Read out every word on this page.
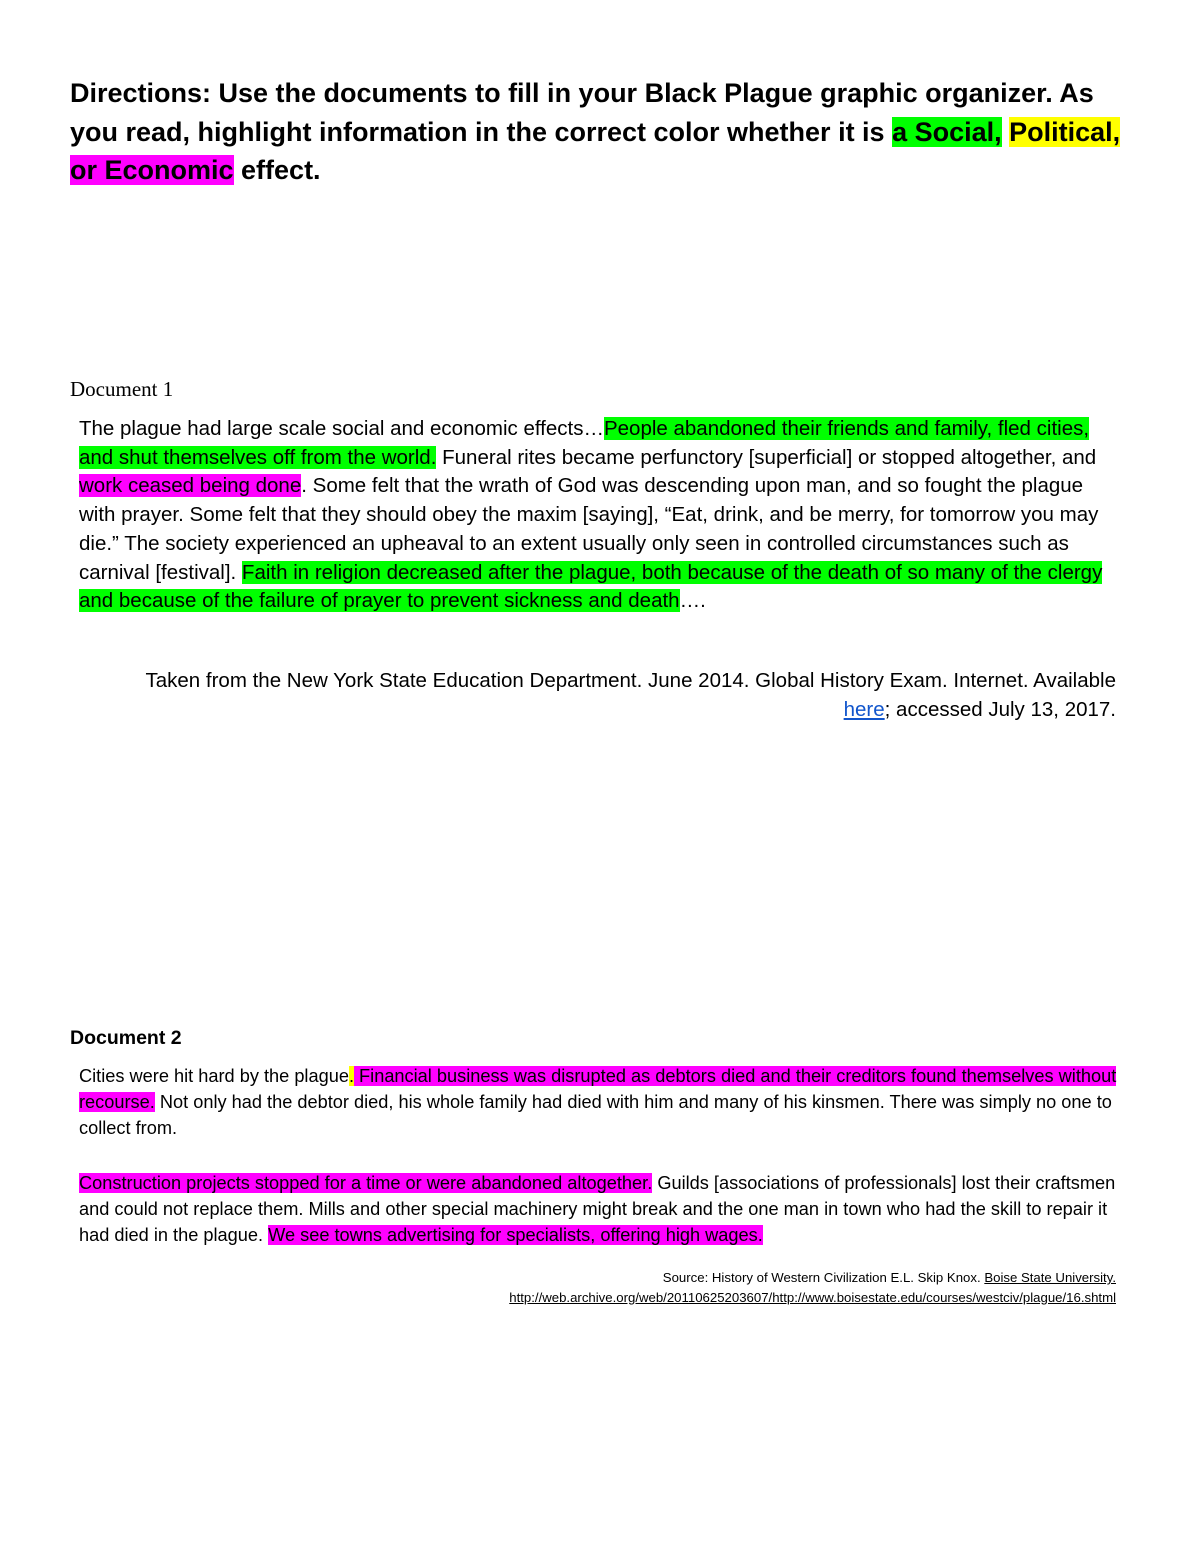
Directions: Use the documents to fill in your Black Plague graphic organizer. As you read, highlight information in the correct color whether it is a Social, Political, or Economic effect.
Document 1
The plague had large scale social and economic effects…People abandoned their friends and family, fled cities, and shut themselves off from the world. Funeral rites became perfunctory [superficial] or stopped altogether, and work ceased being done. Some felt that the wrath of God was descending upon man, and so fought the plague with prayer. Some felt that they should obey the maxim [saying], “Eat, drink, and be merry, for tomorrow you may die.” The society experienced an upheaval to an extent usually only seen in controlled circumstances such as carnival [festival]. Faith in religion decreased after the plague, both because of the death of so many of the clergy and because of the failure of prayer to prevent sickness and death….
Taken from the New York State Education Department. June 2014. Global History Exam. Internet. Available
here; accessed July 13, 2017.
Document 2
Cities were hit hard by the plague. Financial business was disrupted as debtors died and their creditors found themselves without recourse. Not only had the debtor died, his whole family had died with him and many of his kinsmen. There was simply no one to collect from.
Construction projects stopped for a time or were abandoned altogether. Guilds [associations of professionals] lost their craftsmen and could not replace them. Mills and other special machinery might break and the one man in town who had the skill to repair it had died in the plague. We see towns advertising for specialists, offering high wages.
Source: History of Western Civilization E.L. Skip Knox. Boise State University.
http://web.archive.org/web/20110625203607/http://www.boisestate.edu/courses/westciv/plague/16.shtml
